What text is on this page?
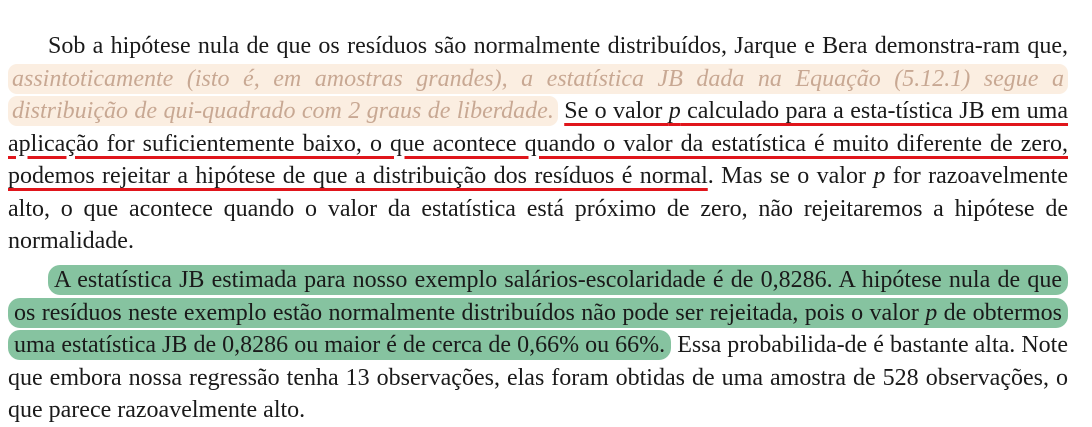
Sob a hipótese nula de que os resíduos são normalmente distribuídos, Jarque e Bera demonstra-ram que, assintoticamente (isto é, em amostras grandes), a estatística JB dada na Equação (5.12.1) segue a distribuição de qui-quadrado com 2 graus de liberdade. Se o valor p calculado para a esta-tística JB em uma aplicação for suficientemente baixo, o que acontece quando o valor da estatística é muito diferente de zero, podemos rejeitar a hipótese de que a distribuição dos resíduos é normal. Mas se o valor p for razoavelmente alto, o que acontece quando o valor da estatística está próximo de zero, não rejeitaremos a hipótese de normalidade.

A estatística JB estimada para nosso exemplo salários-escolaridade é de 0,8286. A hipótese nula de que os resíduos neste exemplo estão normalmente distribuídos não pode ser rejeitada, pois o valor p de obtermos uma estatística JB de 0,8286 ou maior é de cerca de 0,66% ou 66%. Essa probabilida-de é bastante alta. Note que embora nossa regressão tenha 13 observações, elas foram obtidas de uma amostra de 528 observações, o que parece razoavelmente alto.
